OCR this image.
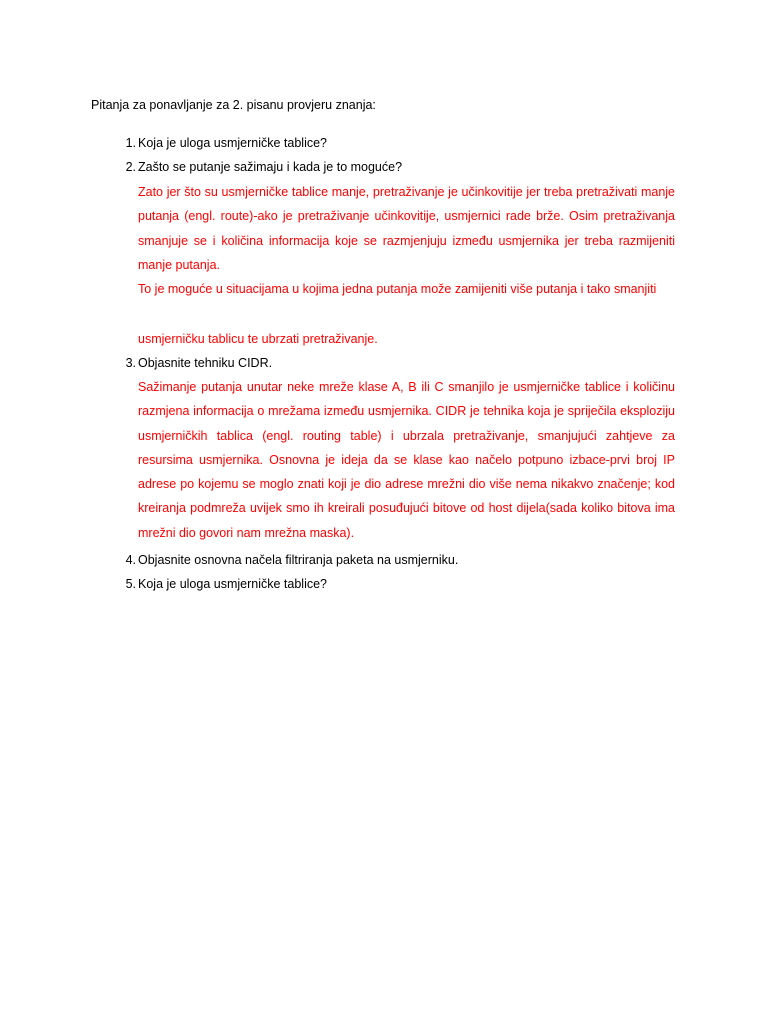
Pitanja za ponavljanje za 2. pisanu provjeru znanja:
1. Koja je uloga usmjerničke tablice?
2. Zašto se putanje sažimaju i kada je to moguće?
Zato jer što su usmjerničke tablice manje, pretraživanje je učinkovitije jer treba pretraživati manje putanja (engl. route)-ako je pretraživanje učinkovitije, usmjernici rade brže. Osim pretraživanja smanjuje se i količina informacija koje se razmjenjuju između usmjernika jer treba razmijeniti manje putanja.
To je moguće u situacijama u kojima jedna putanja može zamijeniti više putanja i tako smanjiti
usmjerničku tablicu te ubrzati pretraživanje.
3. Objasnite tehniku CIDR.
Sažimanje putanja unutar neke mreže klase A, B ili C smanjilo je usmjerničke tablice i količinu razmjena informacija o mrežama između usmjernika. CIDR je tehnika koja je spriječila eksploziju usmjerničkih tablica (engl. routing table) i ubrzala pretraživanje, smanjujući zahtjeve za resursima usmjernika. Osnovna je ideja da se klase kao načelo potpuno izbace-prvi broj IP adrese po kojemu se moglo znati koji je dio adrese mrežni dio više nema nikakvo značenje; kod kreiranja podmreža uvijek smo ih kreirali posuđujući bitove od host dijela(sada koliko bitova ima mrežni dio govori nam mrežna maska).
4. Objasnite osnovna načela filtriranja paketa na usmjerniku.
5. Koja je uloga usmjerničke tablice?
